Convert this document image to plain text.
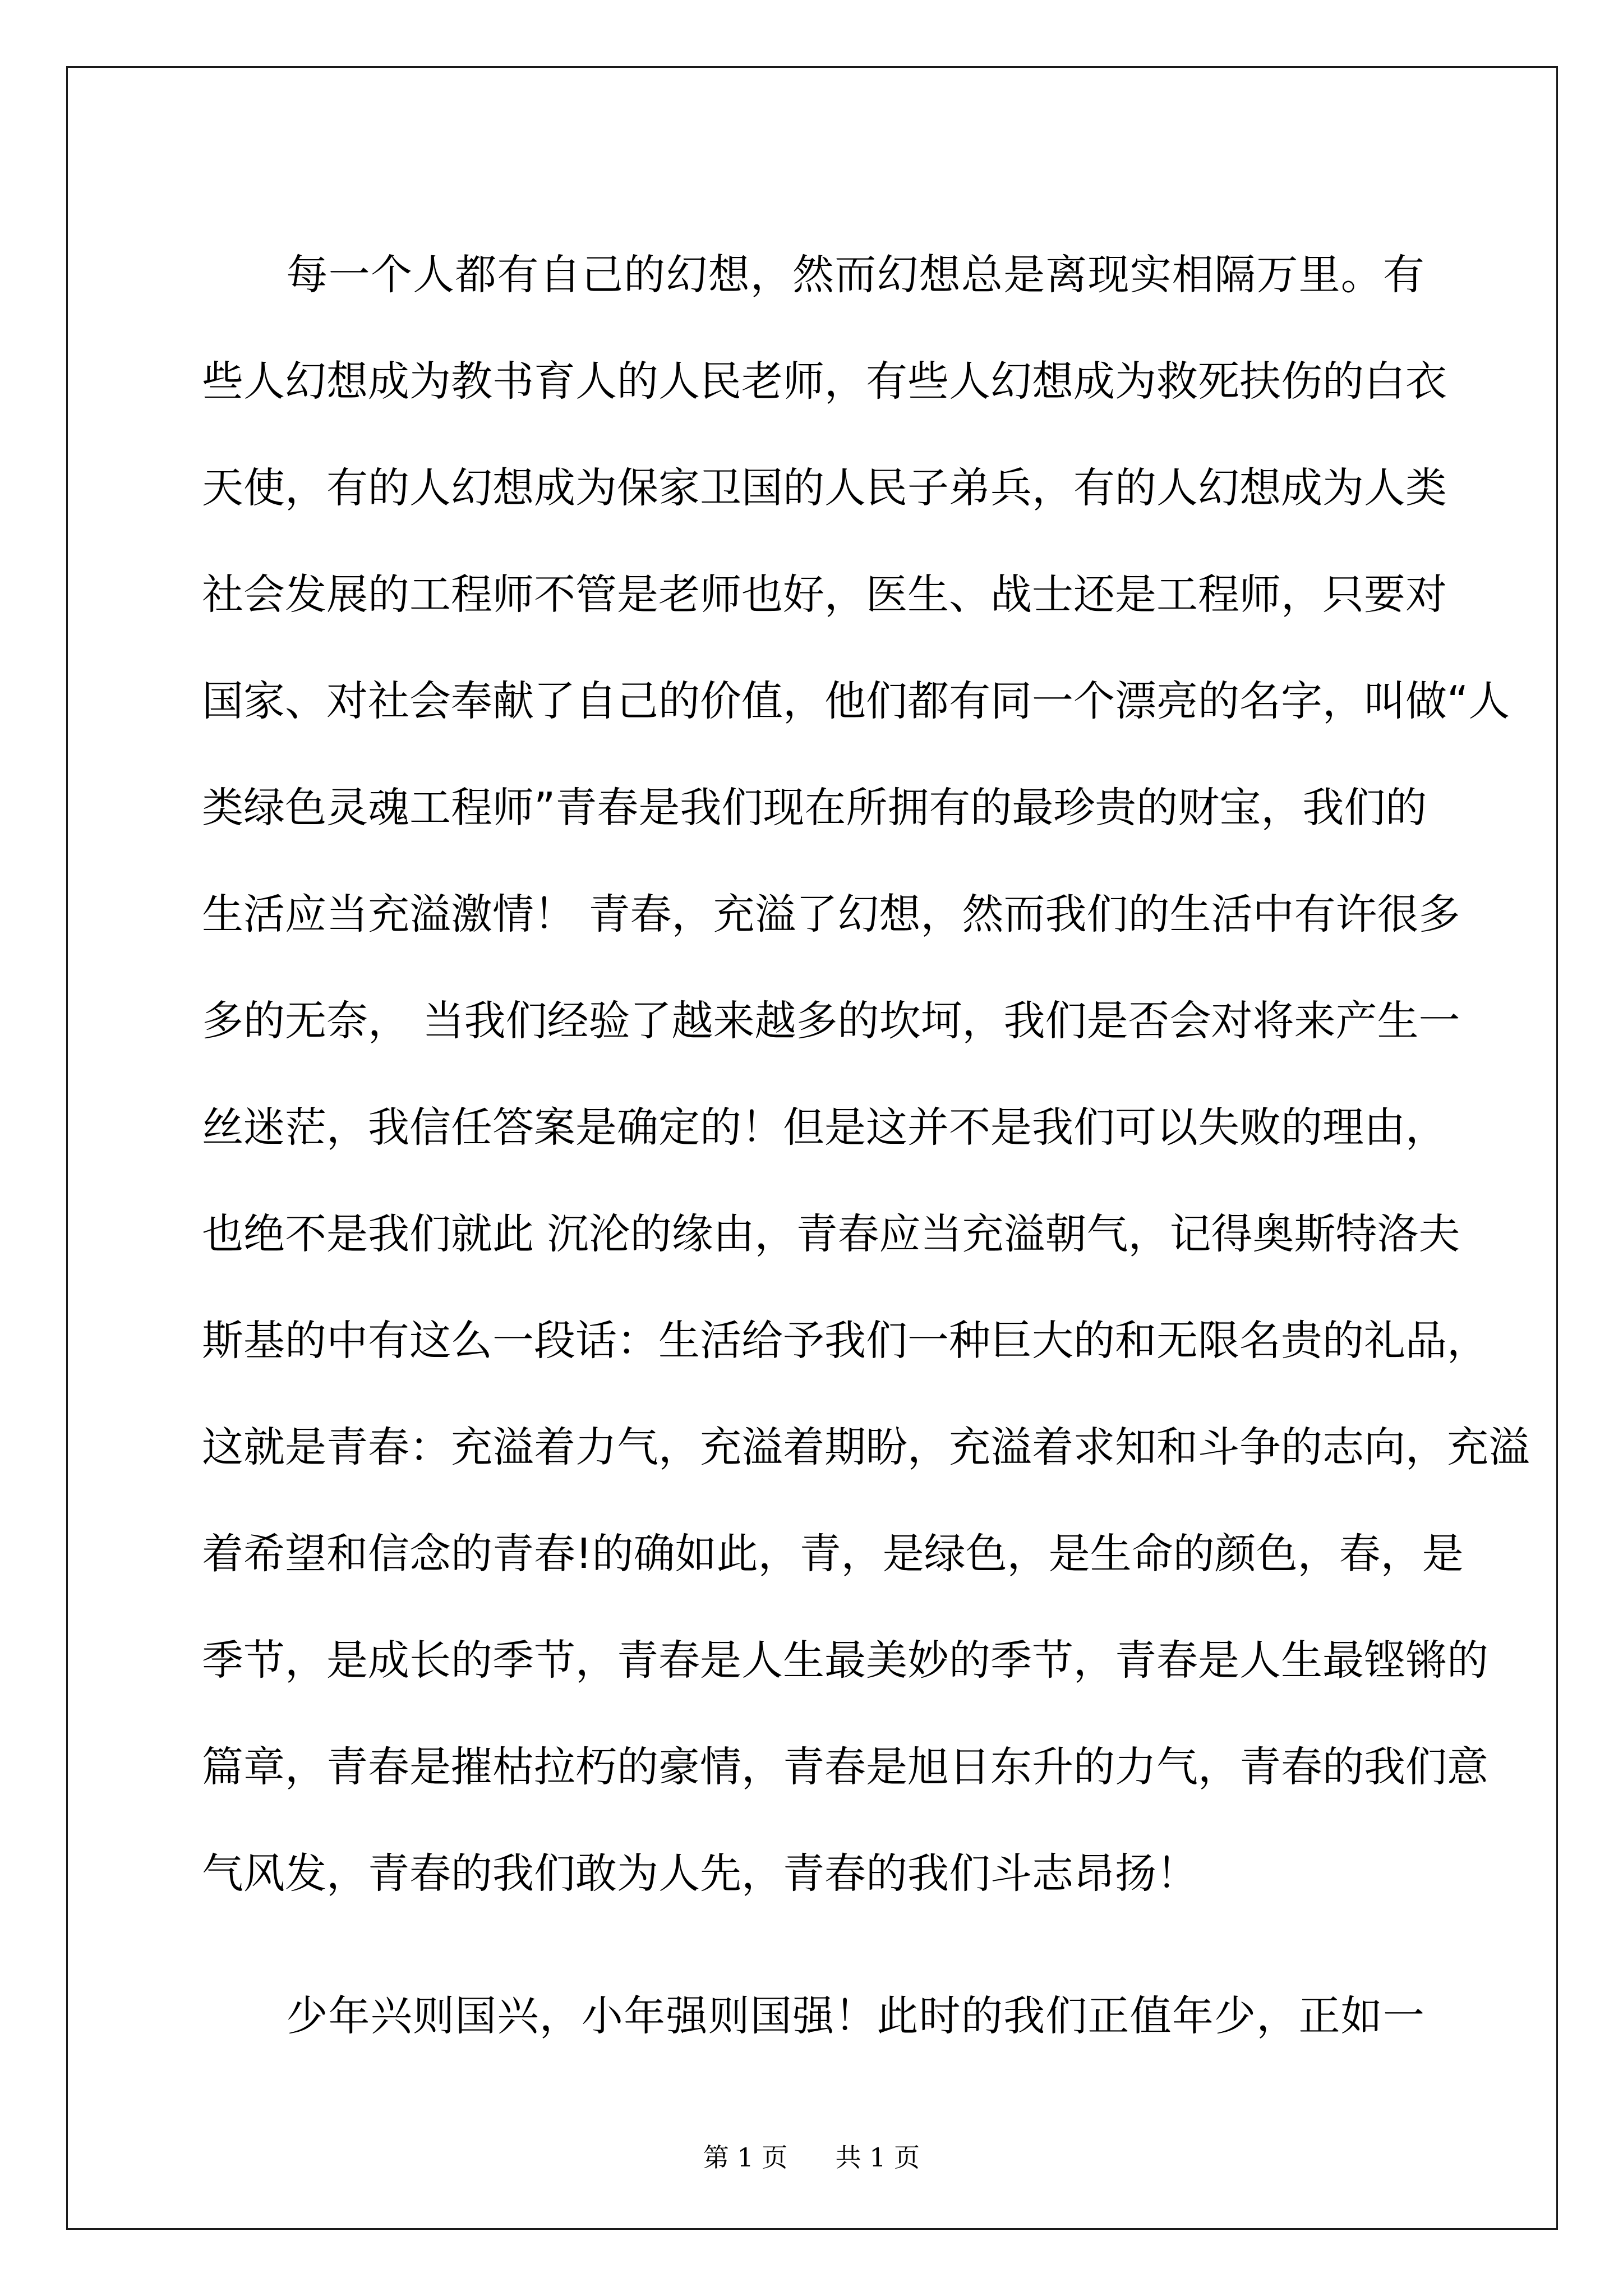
　　每一个人都有自己的幻想，然而幻想总是离现实相隔万里。有
些人幻想成为教书育人的人民老师，有些人幻想成为救死扶伤的白衣
天使，有的人幻想成为保家卫国的人民子弟兵，有的人幻想成为人类
社会发展的工程师不管是老师也好，医生、战士还是工程师，只要对
国家、对社会奉献了自己的价值，他们都有同一个漂亮的名字，叫做“人
类绿色灵魂工程师”青春是我们现在所拥有的最珍贵的财宝，我们的
生活应当充溢激情！ 青春，充溢了幻想，然而我们的生活中有许很多
多的无奈， 当我们经验了越来越多的坎坷，我们是否会对将来产生一
丝迷茫，我信任答案是确定的！但是这并不是我们可以失败的理由，
也绝不是我们就此 沉沦的缘由，青春应当充溢朝气，记得奥斯特洛夫
斯基的中有这么一段话：生活给予我们一种巨大的和无限名贵的礼品，
这就是青春：充溢着力气，充溢着期盼，充溢着求知和斗争的志向，充溢
着希望和信念的青春!的确如此，青，是绿色，是生命的颜色，春，是
季节，是成长的季节，青春是人生最美妙的季节，青春是人生最铿锵的
篇章，青春是摧枯拉朽的豪情，青春是旭日东升的力气，青春的我们意
气风发，青春的我们敢为人先，青春的我们斗志昂扬！
　　少年兴则国兴，小年强则国强！此时的我们正值年少，正如一
第 1 页 共 1 页
